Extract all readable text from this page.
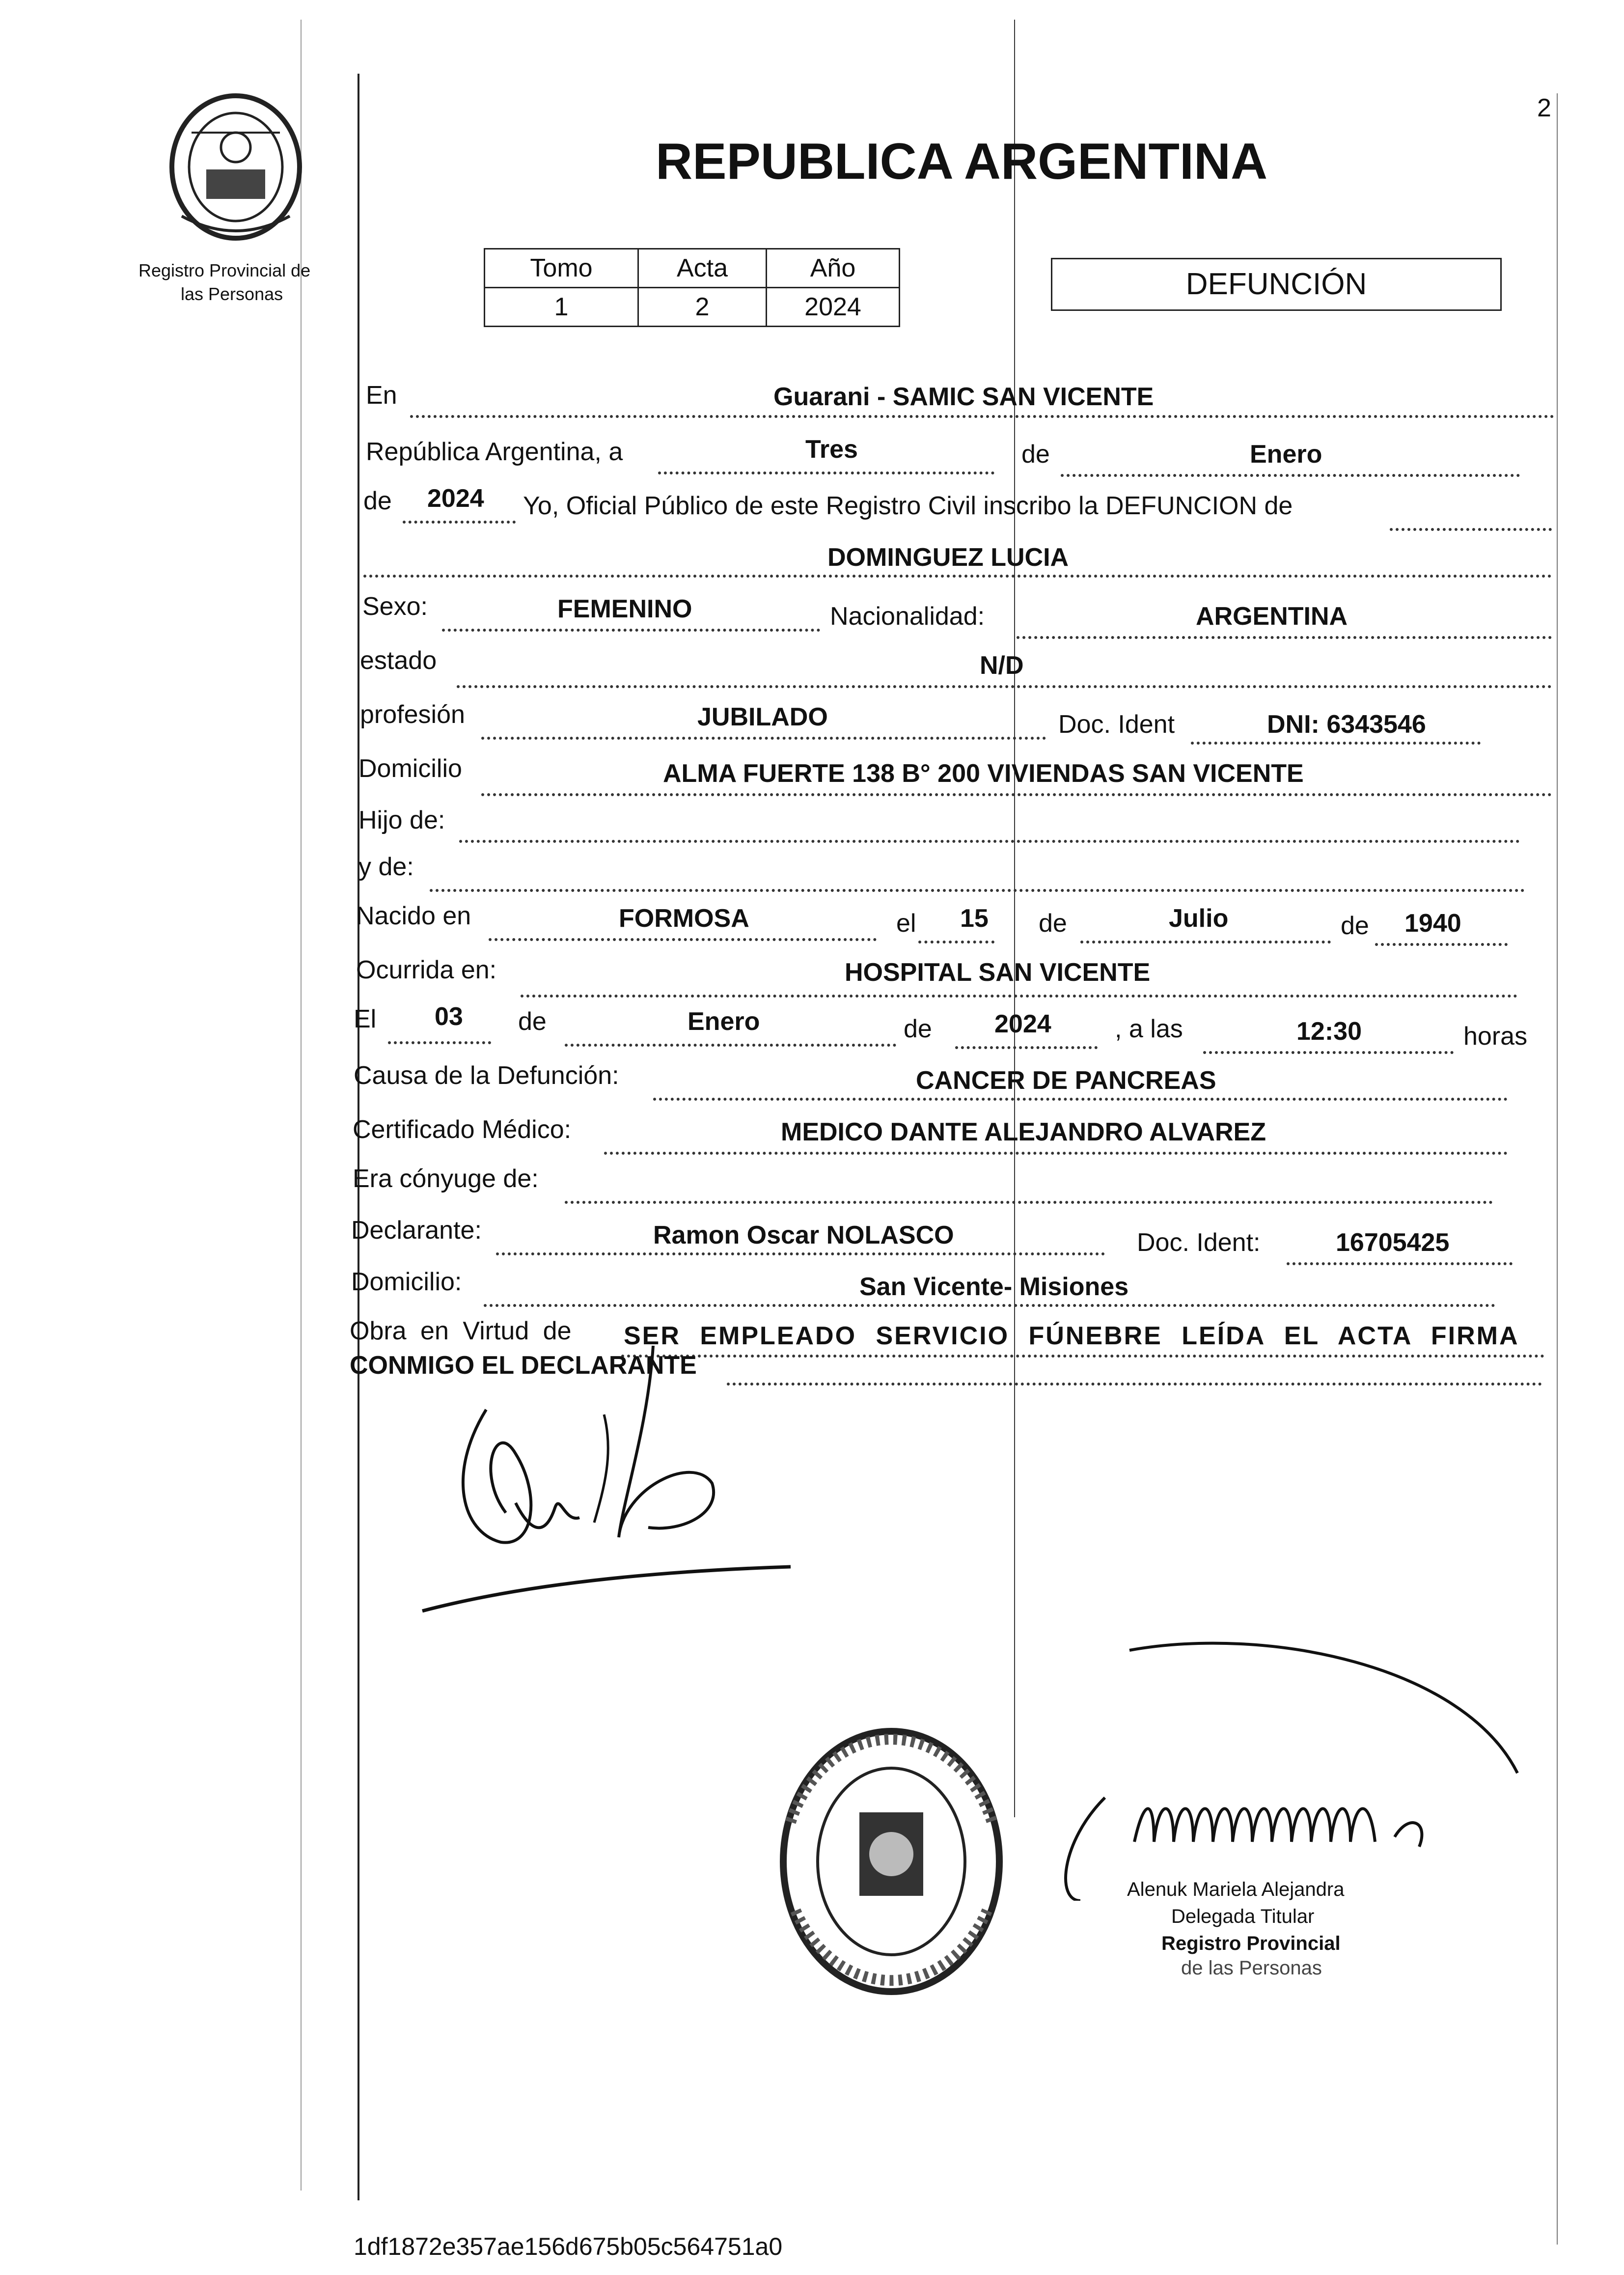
Registro Provincial de
las Personas
2
REPUBLICA ARGENTINA
Tomo	Acta	Año
1	2	2024
DEFUNCIÓN
En	Guarani - SAMIC SAN VICENTE
República Argentina, a	Tres	de	Enero
de 2024 Yo, Oficial Público de este Registro Civil inscribo la DEFUNCION de
DOMINGUEZ LUCIA
Sexo:	FEMENINO	Nacionalidad:	ARGENTINA
estado	N/D
profesión	JUBILADO	Doc. Ident	DNI: 6343546
Domicilio	ALMA FUERTE 138 B° 200 VIVIENDAS SAN VICENTE
Hijo de:
y de:
Nacido en	FORMOSA	el 15 de	Julio	de 1940
Ocurrida en:	HOSPITAL SAN VICENTE
El 03 de	Enero	de 2024 , a las	12:30	horas
Causa de la Defunción:	CANCER DE PANCREAS
Certificado Médico:	MEDICO DANTE ALEJANDRO ALVAREZ
Era cónyuge de:
Declarante:	Ramon Oscar NOLASCO	Doc. Ident:	16705425
Domicilio:	San Vicente- Misiones
Obra en Virtud de SER EMPLEADO SERVICIO FÚNEBRE LEÍDA EL ACTA FIRMA
CONMIGO EL DECLARANTE
Alenuk Mariela Alejandra
Delegada Titular
Registro Provincial
de las Personas
1df1872e357ae156d675b05c564751a0
